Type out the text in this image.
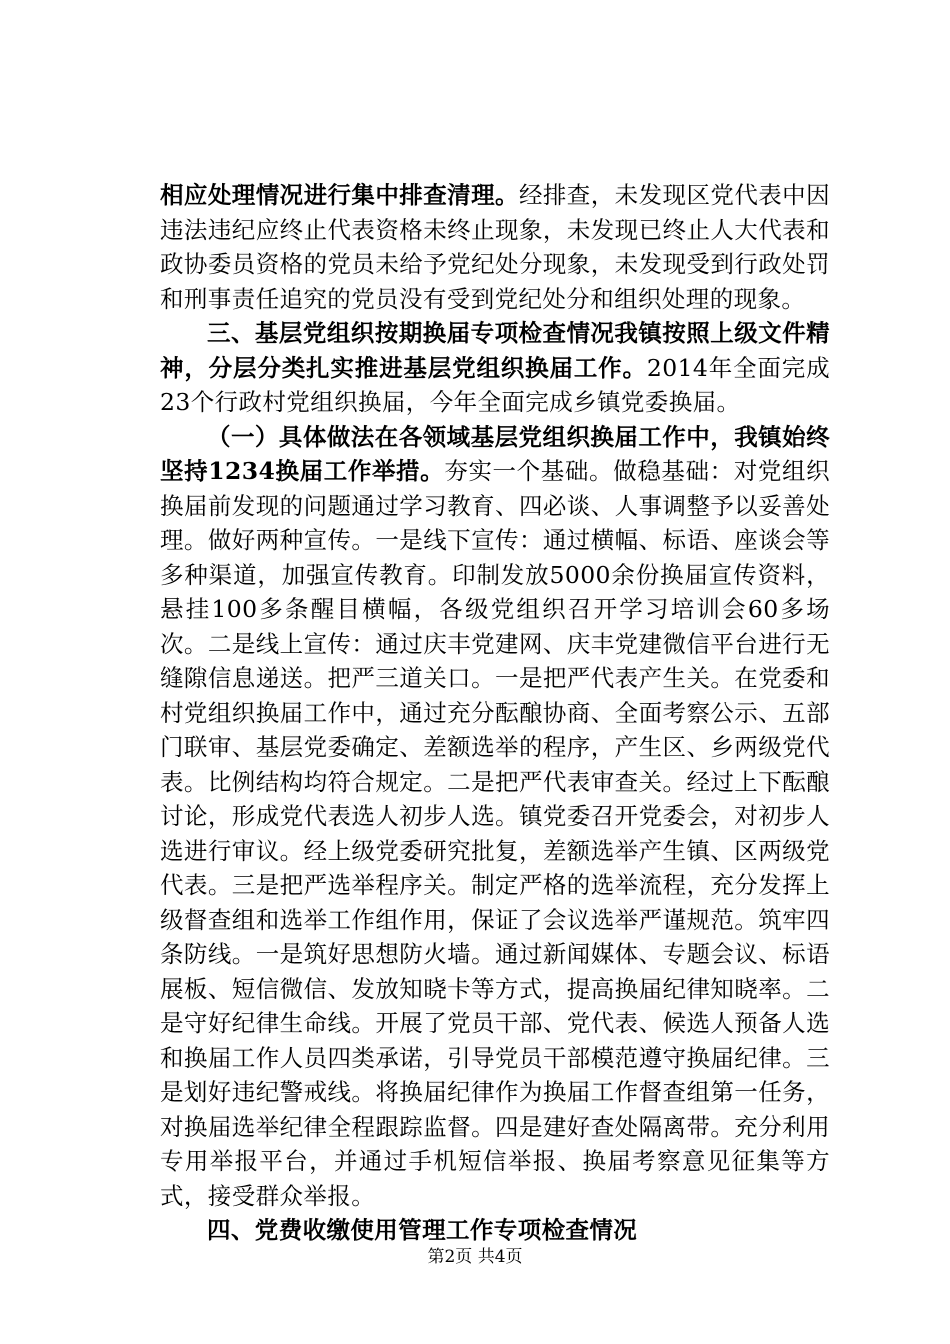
相应处理情况进行集中排查清理。经排查，未发现区党代表中因违法违纪应终止代表资格未终止现象，未发现已终止人大代表和政协委员资格的党员未给予党纪处分现象，未发现受到行政处罚和刑事责任追究的党员没有受到党纪处分和组织处理的现象。

三、基层党组织按期换届专项检查情况我镇按照上级文件精神，分层分类扎实推进基层党组织换届工作。2014年全面完成23个行政村党组织换届，今年全面完成乡镇党委换届。

（一）具体做法在各领域基层党组织换届工作中，我镇始终坚持1234换届工作举措。夯实一个基础。做稳基础：对党组织换届前发现的问题通过学习教育、四必谈、人事调整予以妥善处理。做好两种宣传。一是线下宣传：通过横幅、标语、座谈会等多种渠道，加强宣传教育。印制发放5000余份换届宣传资料，悬挂100多条醒目横幅，各级党组织召开学习培训会60多场次。二是线上宣传：通过庆丰党建网、庆丰党建微信平台进行无缝隙信息递送。把严三道关口。一是把严代表产生关。在党委和村党组织换届工作中，通过充分酝酿协商、全面考察公示、五部门联审、基层党委确定、差额选举的程序，产生区、乡两级党代表。比例结构均符合规定。二是把严代表审查关。经过上下酝酿讨论，形成党代表选人初步人选。镇党委召开党委会，对初步人选进行审议。经上级党委研究批复，差额选举产生镇、区两级党代表。三是把严选举程序关。制定严格的选举流程，充分发挥上级督查组和选举工作组作用，保证了会议选举严谨规范。筑牢四条防线。一是筑好思想防火墙。通过新闻媒体、专题会议、标语展板、短信微信、发放知晓卡等方式，提高换届纪律知晓率。二是守好纪律生命线。开展了党员干部、党代表、候选人预备人选和换届工作人员四类承诺，引导党员干部模范遵守换届纪律。三是划好违纪警戒线。将换届纪律作为换届工作督查组第一任务，对换届选举纪律全程跟踪监督。四是建好查处隔离带。充分利用专用举报平台，并通过手机短信举报、换届考察意见征集等方式，接受群众举报。

四、党费收缴使用管理工作专项检查情况

第2页 共4页
